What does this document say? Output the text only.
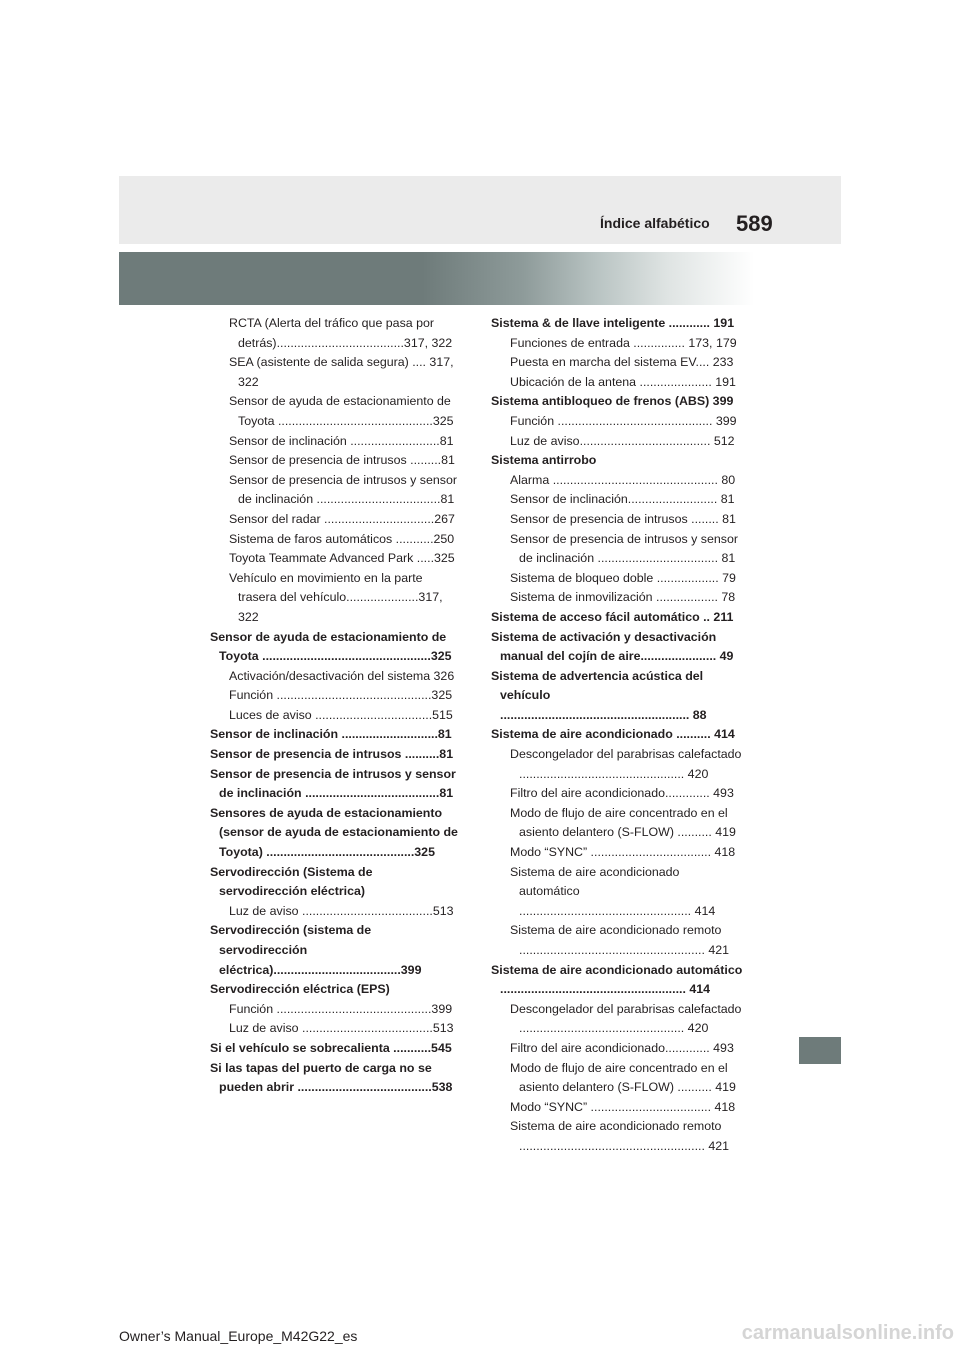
Índice alfabético 589

RCTA (Alerta del tráfico que pasa por detrás).....................................317, 322

SEA (asistente de salida segura) .... 317, 322

Sensor de ayuda de estacionamiento de Toyota .............................................325

Sensor de inclinación ..........................81

Sensor de presencia de intrusos .........81

Sensor de presencia de intrusos y sensor de inclinación ....................................81

Sensor del radar ................................267

Sistema de faros automáticos ...........250

Toyota Teammate Advanced Park .....325

Vehículo en movimiento en la parte trasera del vehículo.....................317, 322

Sensor de ayuda de estacionamiento de Toyota .................................................325

Activación/desactivación del sistema 326

Función .............................................325

Luces de aviso ..................................515

Sensor de inclinación ............................81

Sensor de presencia de intrusos ..........81

Sensor de presencia de intrusos y sensor de inclinación .......................................81

Sensores de ayuda de estacionamiento (sensor de ayuda de estacionamiento de Toyota) ...........................................325

Servodirección (Sistema de servodirección eléctrica)

Luz de aviso ......................................513

Servodirección (sistema de servodirección eléctrica).....................................399

Servodirección eléctrica (EPS)

Función .............................................399

Luz de aviso ......................................513

Si el vehículo se sobrecalienta ...........545

Si las tapas del puerto de carga no se pueden abrir .......................................538

Sistema & de llave inteligente ............ 191

Funciones de entrada ............... 173, 179

Puesta en marcha del sistema EV.... 233

Ubicación de la antena ..................... 191

Sistema antibloqueo de frenos (ABS) 399

Función ............................................. 399

Luz de aviso...................................... 512

Sistema antirrobo

Alarma ................................................ 80

Sensor de inclinación.......................... 81

Sensor de presencia de intrusos ........ 81

Sensor de presencia de intrusos y sensor de inclinación ................................... 81

Sistema de bloqueo doble .................. 79

Sistema de inmovilización .................. 78

Sistema de acceso fácil automático .. 211

Sistema de activación y desactivación manual del cojín de aire...................... 49

Sistema de advertencia acústica del vehículo ....................................................... 88

Sistema de aire acondicionado .......... 414

Descongelador del parabrisas calefactado ................................................ 420

Filtro del aire acondicionado............. 493

Modo de flujo de aire concentrado en el asiento delantero (S-FLOW) .......... 419

Modo “SYNC” ................................... 418

Sistema de aire acondicionado automático .................................................. 414

Sistema de aire acondicionado remoto ...................................................... 421

Sistema de aire acondicionado automático ...................................................... 414

Descongelador del parabrisas calefactado ................................................ 420

Filtro del aire acondicionado............. 493

Modo de flujo de aire concentrado en el asiento delantero (S-FLOW) .......... 419

Modo “SYNC” ................................... 418

Sistema de aire acondicionado remoto ...................................................... 421

Owner’s Manual_Europe_M42G22_es	carmanualsonline.info
